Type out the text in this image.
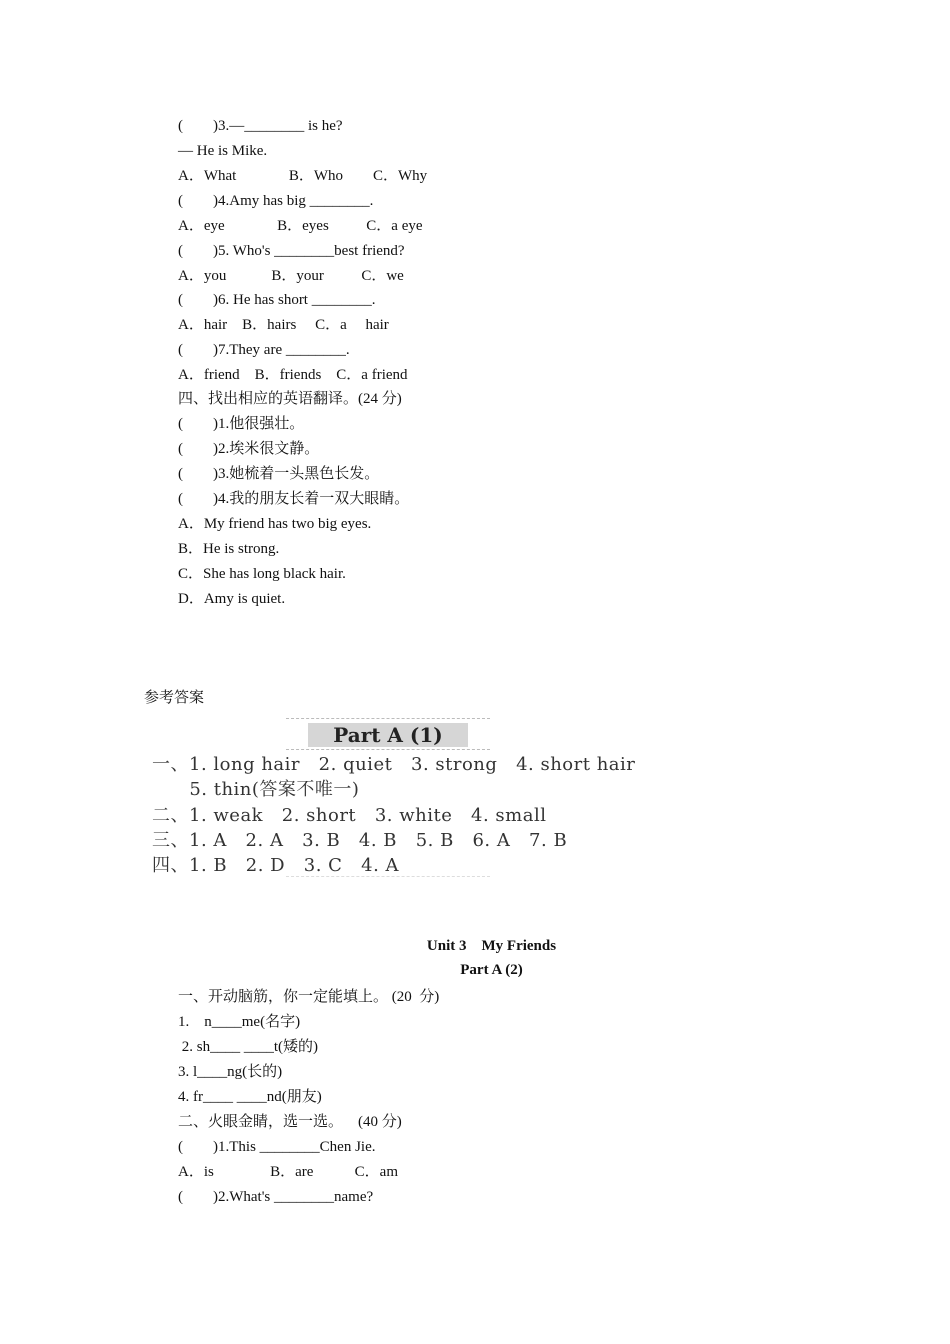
(        )3.—________ is he?
— He is Mike.
A．What              B．Who        C．Why
(        )4.Amy has big ________.
A．eye              B．eyes          C．a eye
(        )5. Who's ________best friend?
A．you            B．your          C．we
(        )6. He has short ________.
A．hair    B．hairs     C．a     hair
(        )7.They are ________.
A．friend    B．friends    C．a friend
四、找出相应的英语翻译。(24 分)
(        )1.他很强壮。
(        )2.埃米很文静。
(        )3.她梳着一头黑色长发。
(        )4.我的朋友长着一双大眼睛。
A．My friend has two big eyes.
B．He is strong.
C．She has long black hair.
D．Amy is quiet.
参考答案
Part A (1)
一、1. long hair   2. quiet   3. strong   4. short hair
5. thin(答案不唯一)
二、1. weak   2. short   3. white   4. small
三、1. A   2. A   3. B   4. B   5. B   6. A   7. B
四、1. B   2. D   3. C   4. A
Unit 3    My Friends
Part A (2)
一、开动脑筋，你一定能填上。 (20  分)
1.    n____me(名字)
2. sh____ ____t(矮的)
3. l____ng(长的)
4. fr____ ____nd(朋友)
二、火眼金睛，选一选。    (40 分)
(        )1.This ________Chen Jie.
A．is               B．are           C．am
(        )2.What's ________name?
